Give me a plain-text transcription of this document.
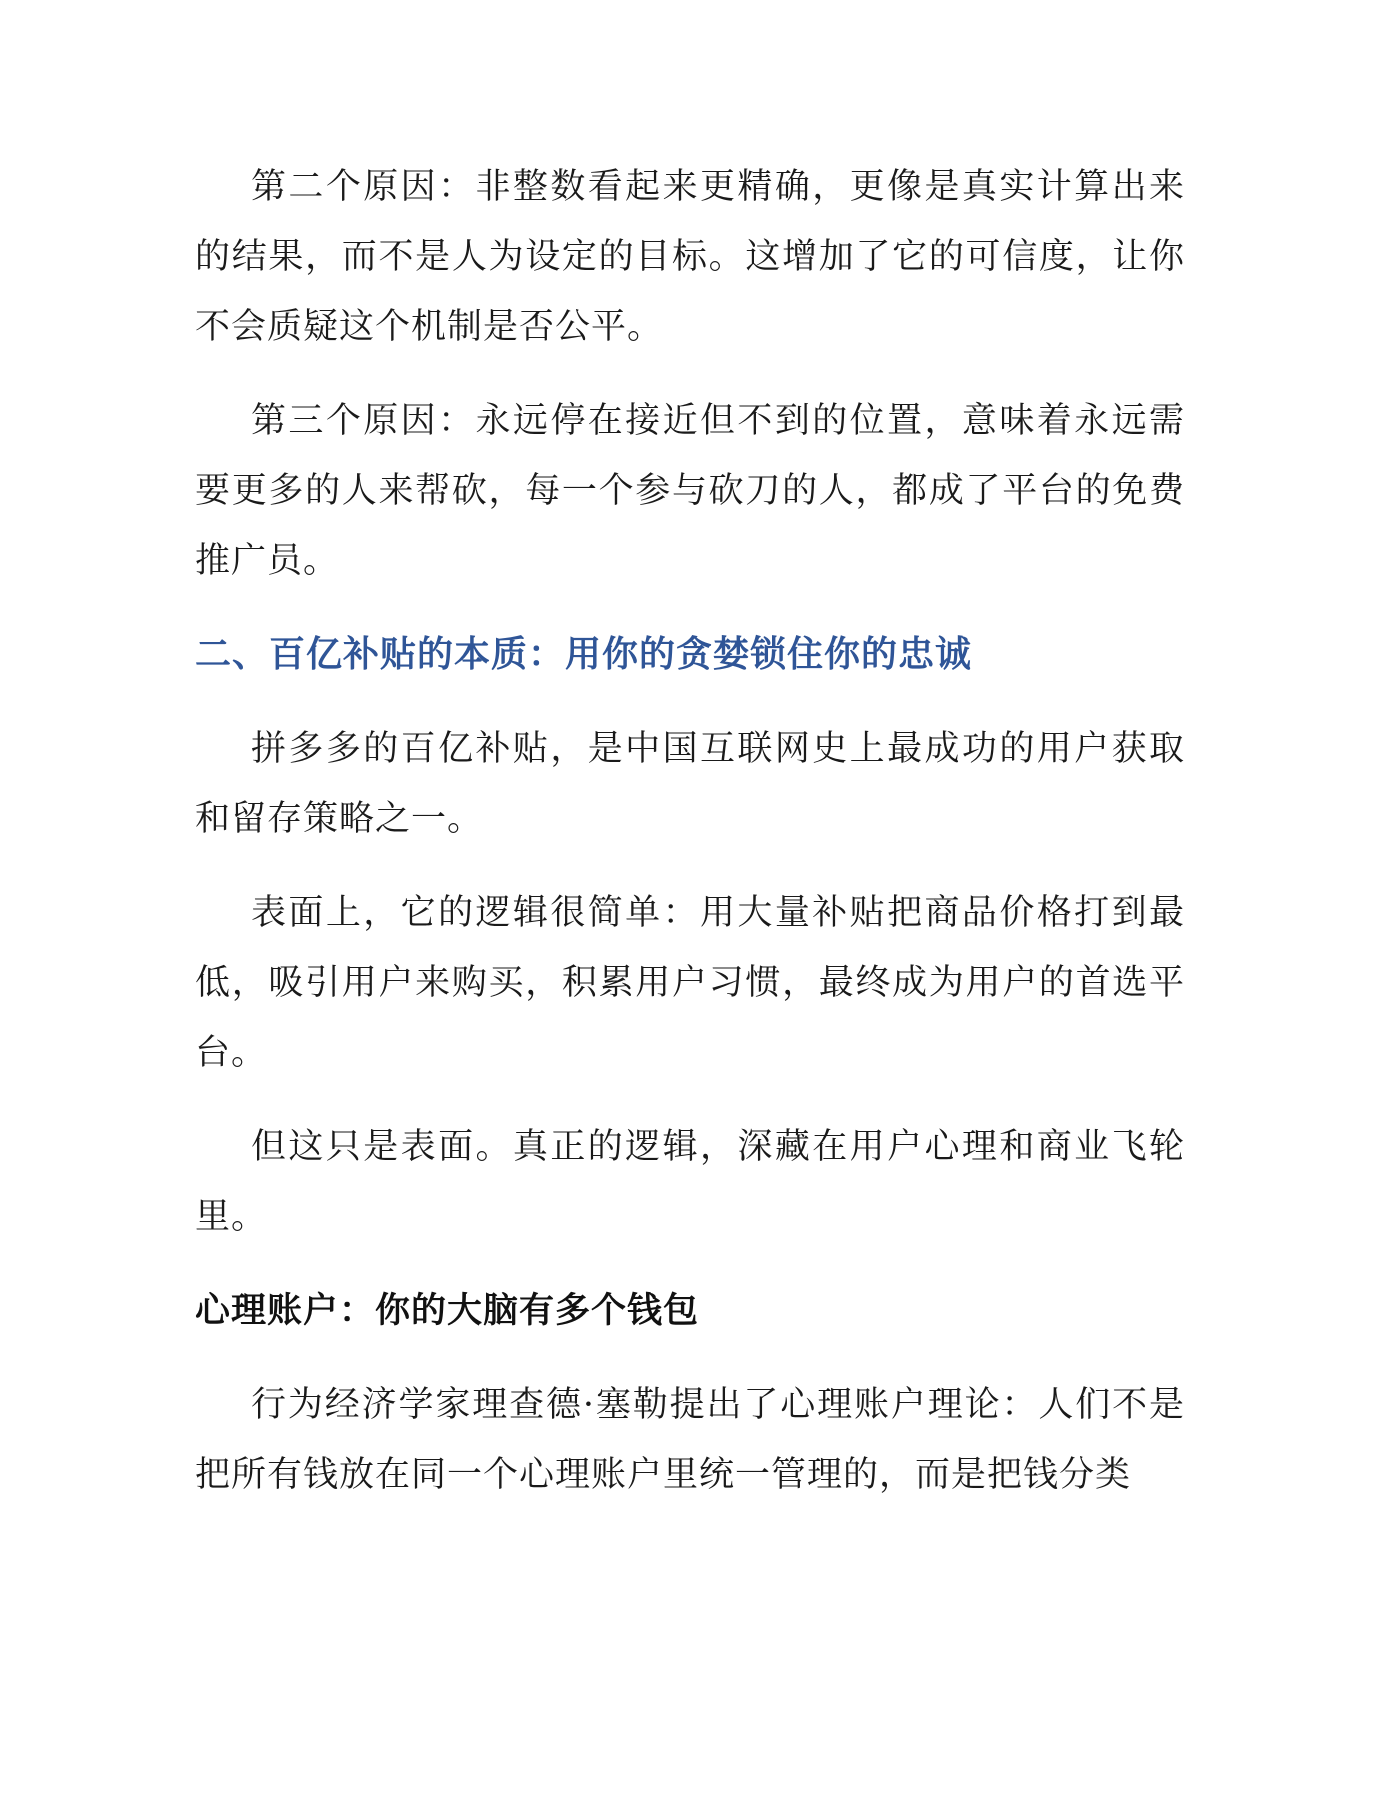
第二个原因：非整数看起来更精确，更像是真实计算出来的结果，而不是人为设定的目标。这增加了它的可信度，让你不会质疑这个机制是否公平。

第三个原因：永远停在接近但不到的位置，意味着永远需要更多的人来帮砍，每一个参与砍刀的人，都成了平台的免费推广员。

二、百亿补贴的本质：用你的贪婪锁住你的忠诚

拼多多的百亿补贴，是中国互联网史上最成功的用户获取和留存策略之一。

表面上，它的逻辑很简单：用大量补贴把商品价格打到最低，吸引用户来购买，积累用户习惯，最终成为用户的首选平台。

但这只是表面。真正的逻辑，深藏在用户心理和商业飞轮里。

心理账户：你的大脑有多个钱包

行为经济学家理查德·塞勒提出了心理账户理论：人们不是把所有钱放在同一个心理账户里统一管理的，而是把钱分类
